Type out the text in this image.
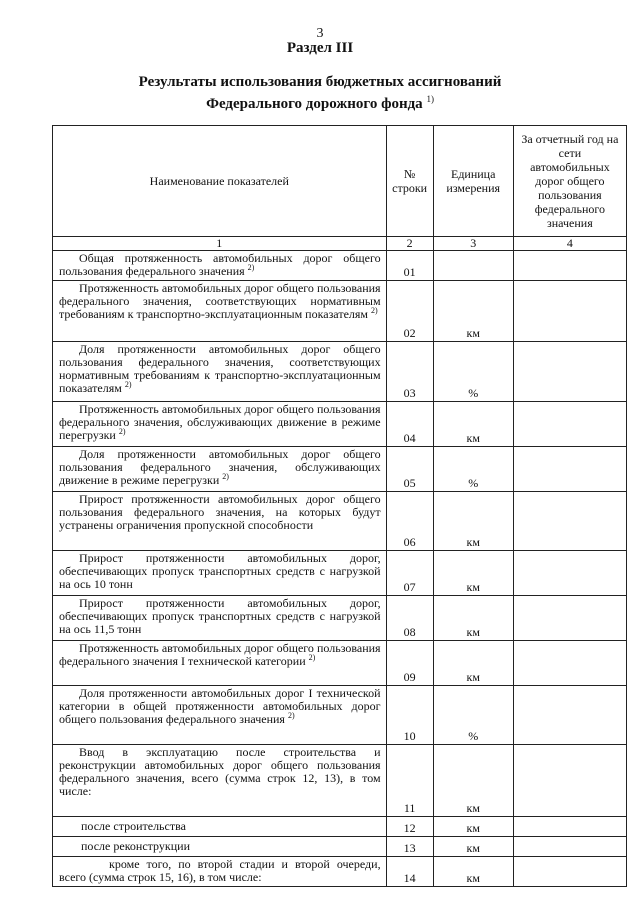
3
Раздел III
Результаты использования бюджетных ассигнований
Федерального дорожного фонда $^{1)}$
Наименование показателей	№ строки	Единица измерения	За отчетный год на сети автомобильных дорог общего пользования федерального значения
1	2	3	4
Общая протяженность автомобильных дорог общего пользования федерального значения $^{2)}$	01		
Протяженность автомобильных дорог общего пользования федерального значения, соответствующих нормативным требованиям к транспортно-эксплуатационным показателям $^{2)}$	02	км	
Доля протяженности автомобильных дорог общего пользования федерального значения, соответствующих нормативным требованиям к транспортно-эксплуатационным показателям $^{2)}$	03	%	
Протяженность автомобильных дорог общего пользования федерального значения, обслуживающих движение в режиме перегрузки $^{2)}$	04	км	
Доля протяженности автомобильных дорог общего пользования федерального значения, обслуживающих движение в режиме перегрузки $^{2)}$	05	%	
Прирост протяженности автомобильных дорог общего пользования федерального значения, на которых будут устранены ограничения пропускной способности	06	км	
Прирост протяженности автомобильных дорог, обеспечивающих пропуск транспортных средств с нагрузкой на ось 10 тонн	07	км	
Прирост протяженности автомобильных дорог, обеспечивающих пропуск транспортных средств с нагрузкой на ось 11,5 тонн	08	км	
Протяженность автомобильных дорог общего пользования федерального значения I технической категории $^{2)}$	09	км	
Доля протяженности автомобильных дорог I технической категории в общей протяженности автомобильных дорог общего пользования федерального значения $^{2)}$	10	%	
Ввод в эксплуатацию после строительства и реконструкции автомобильных дорог общего пользования федерального значения, всего (сумма строк 12, 13), в том числе:	11	км	
после строительства	12	км	
после реконструкции	13	км	
кроме того, по второй стадии и второй очереди, всего (сумма строк 15, 16), в том числе:	14	км	
